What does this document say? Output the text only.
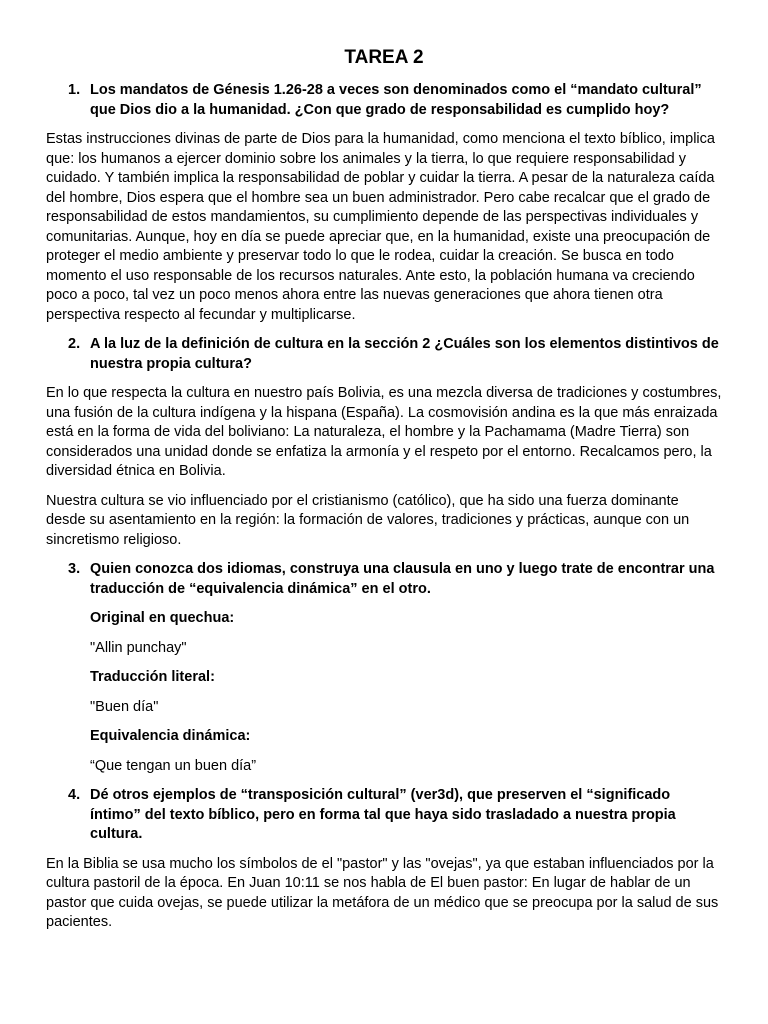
TAREA 2
1. Los mandatos de Génesis 1.26-28 a veces son denominados como el “mandato cultural” que Dios dio a la humanidad. ¿Con que grado de responsabilidad es cumplido hoy?

Estas instrucciones divinas de parte de Dios para la humanidad, como menciona el texto bíblico, implica que: los humanos a ejercer dominio sobre los animales y la tierra, lo que requiere responsabilidad y cuidado. Y también implica la responsabilidad de poblar y cuidar la tierra. A pesar de la naturaleza caída del hombre, Dios espera que el hombre sea un buen administrador. Pero cabe recalcar que el grado de responsabilidad de estos mandamientos, su cumplimiento depende de las perspectivas individuales y comunitarias. Aunque, hoy en día se puede apreciar que, en la humanidad, existe una preocupación de proteger el medio ambiente y preservar todo lo que le rodea, cuidar la creación. Se busca en todo momento el uso responsable de los recursos naturales. Ante esto, la población humana va creciendo poco a poco, tal vez un poco menos ahora entre las nuevas generaciones que ahora tienen otra perspectiva respecto al fecundar y multiplicarse.

2. A la luz de la definición de cultura en la sección 2 ¿Cuáles son los elementos distintivos de nuestra propia cultura?

En lo que respecta la cultura en nuestro país Bolivia, es una mezcla diversa de tradiciones y costumbres, una fusión de la cultura indígena y la hispana (España). La cosmovisión andina es la que más enraizada está en la forma de vida del boliviano: La naturaleza, el hombre y la Pachamama (Madre Tierra) son considerados una unidad donde se enfatiza la armonía y el respeto por el entorno. Recalcamos pero, la diversidad étnica en Bolivia.

Nuestra cultura se vio influenciado por el cristianismo (católico), que ha sido una fuerza dominante desde su asentamiento en la región: la formación de valores, tradiciones y prácticas, aunque con un sincretismo religioso.

3. Quien conozca dos idiomas, construya una clausula en uno y luego trate de encontrar una traducción de “equivalencia dinámica” en el otro.

Original en quechua:

"Allin punchay"

Traducción literal:

"Buen día"

Equivalencia dinámica:

“Que tengan un buen día”

4. Dé otros ejemplos de “transposición cultural” (ver3d), que preserven el “significado íntimo” del texto bíblico, pero en forma tal que haya sido trasladado a nuestra propia cultura.

En la Biblia se usa mucho los símbolos de el "pastor" y las "ovejas", ya que estaban influenciados por la cultura pastoril de la época. En Juan 10:11 se nos habla de El buen pastor: En lugar de hablar de un pastor que cuida ovejas, se puede utilizar la metáfora de un médico que se preocupa por la salud de sus pacientes.
